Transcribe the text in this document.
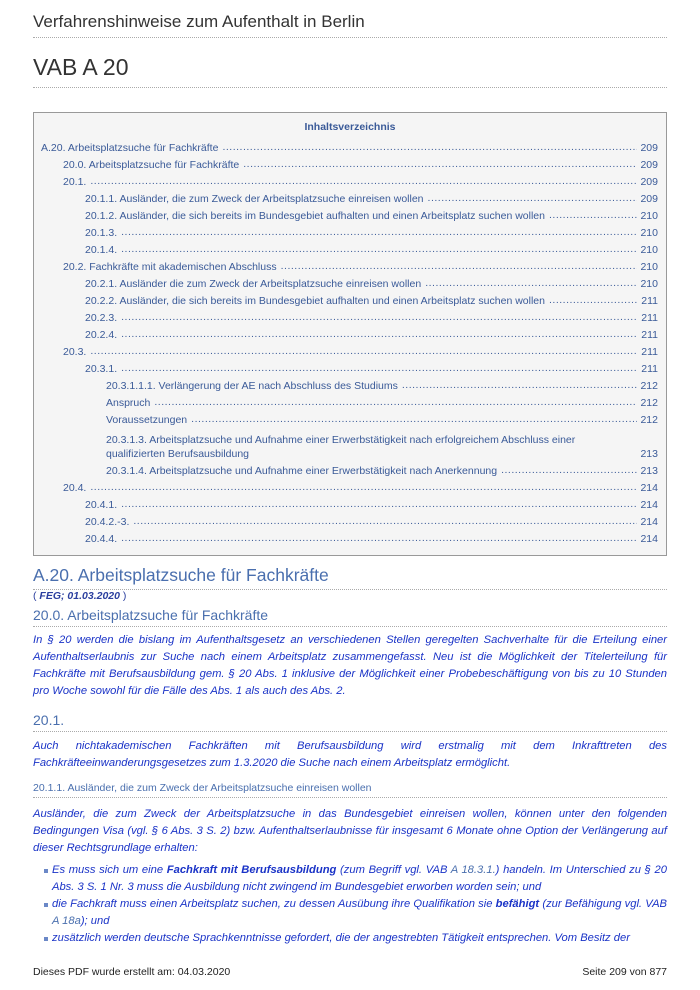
Verfahrenshinweise zum Aufenthalt in Berlin
VAB A 20
Inhaltsverzeichnis
A.20. Arbeitsplatzsuche für Fachkräfte .....	209
20.0. Arbeitsplatzsuche für Fachkräfte .....	209
20.1. .....	209
20.1.1. Ausländer, die zum Zweck der Arbeitsplatzsuche einreisen wollen .....	209
20.1.2. Ausländer, die sich bereits im Bundesgebiet aufhalten und einen Arbeitsplatz suchen wollen .....	210
20.1.3. .....	210
20.1.4. .....	210
20.2. Fachkräfte mit akademischen Abschluss .....	210
20.2.1. Ausländer die zum Zweck der Arbeitsplatzsuche einreisen wollen .....	210
20.2.2. Ausländer, die sich bereits im Bundesgebiet aufhalten und einen Arbeitsplatz suchen wollen .....	211
20.2.3. .....	211
20.2.4. .....	211
20.3. .....	211
20.3.1. .....	211
20.3.1.1.1. Verlängerung der AE nach Abschluss des Studiums .....	212
Anspruch .....	212
Voraussetzungen .....	212
20.3.1.3. Arbeitsplatzsuche und Aufnahme einer Erwerbstätigkeit nach erfolgreichem Abschluss einer qualifizierten Berufsausbildung	213
20.3.1.4. Arbeitsplatzsuche und Aufnahme einer Erwerbstätigkeit nach Anerkennung .....	213
20.4. .....	214
20.4.1. .....	214
20.4.2.-3. .....	214
20.4.4. .....	214
A.20. Arbeitsplatzsuche für Fachkräfte
( FEG; 01.03.2020 )
20.0. Arbeitsplatzsuche für Fachkräfte
In § 20 werden die bislang im Aufenthaltsgesetz an verschiedenen Stellen geregelten Sachverhalte für die Erteilung einer Aufenthaltserlaubnis zur Suche nach einem Arbeitsplatz zusammengefasst. Neu ist die Möglichkeit der Titelerteilung für Fachkräfte mit Berufsausbildung gem. § 20 Abs. 1 inklusive der Möglichkeit einer Probebeschäftigung von bis zu 10 Stunden pro Woche sowohl für die Fälle des Abs. 1 als auch des Abs. 2.
20.1.
Auch nichtakademischen Fachkräften mit Berufsausbildung wird erstmalig mit dem Inkrafttreten des Fachkräfteeinwanderungsgesetzes zum 1.3.2020 die Suche nach einem Arbeitsplatz ermöglicht.
20.1.1. Ausländer, die zum Zweck der Arbeitsplatzsuche einreisen wollen
Ausländer, die zum Zweck der Arbeitsplatzsuche in das Bundesgebiet einreisen wollen, können unter den folgenden Bedingungen Visa (vgl. § 6 Abs. 3 S. 2) bzw. Aufenthaltserlaubnisse für insgesamt 6 Monate ohne Option der Verlängerung auf dieser Rechtsgrundlage erhalten:
Es muss sich um eine Fachkraft mit Berufsausbildung (zum Begriff vgl. VAB A 18.3.1.) handeln. Im Unterschied zu § 20 Abs. 3 S. 1 Nr. 3 muss die Ausbildung nicht zwingend im Bundesgebiet erworben worden sein; und
die Fachkraft muss einen Arbeitsplatz suchen, zu dessen Ausübung ihre Qualifikation sie befähigt (zur Befähigung vgl. VAB A 18a); und
zusätzlich werden deutsche Sprachkenntnisse gefordert, die der angestrebten Tätigkeit entsprechen. Vom Besitz der
Dieses PDF wurde erstellt am: 04.03.2020	Seite 209 von 877
